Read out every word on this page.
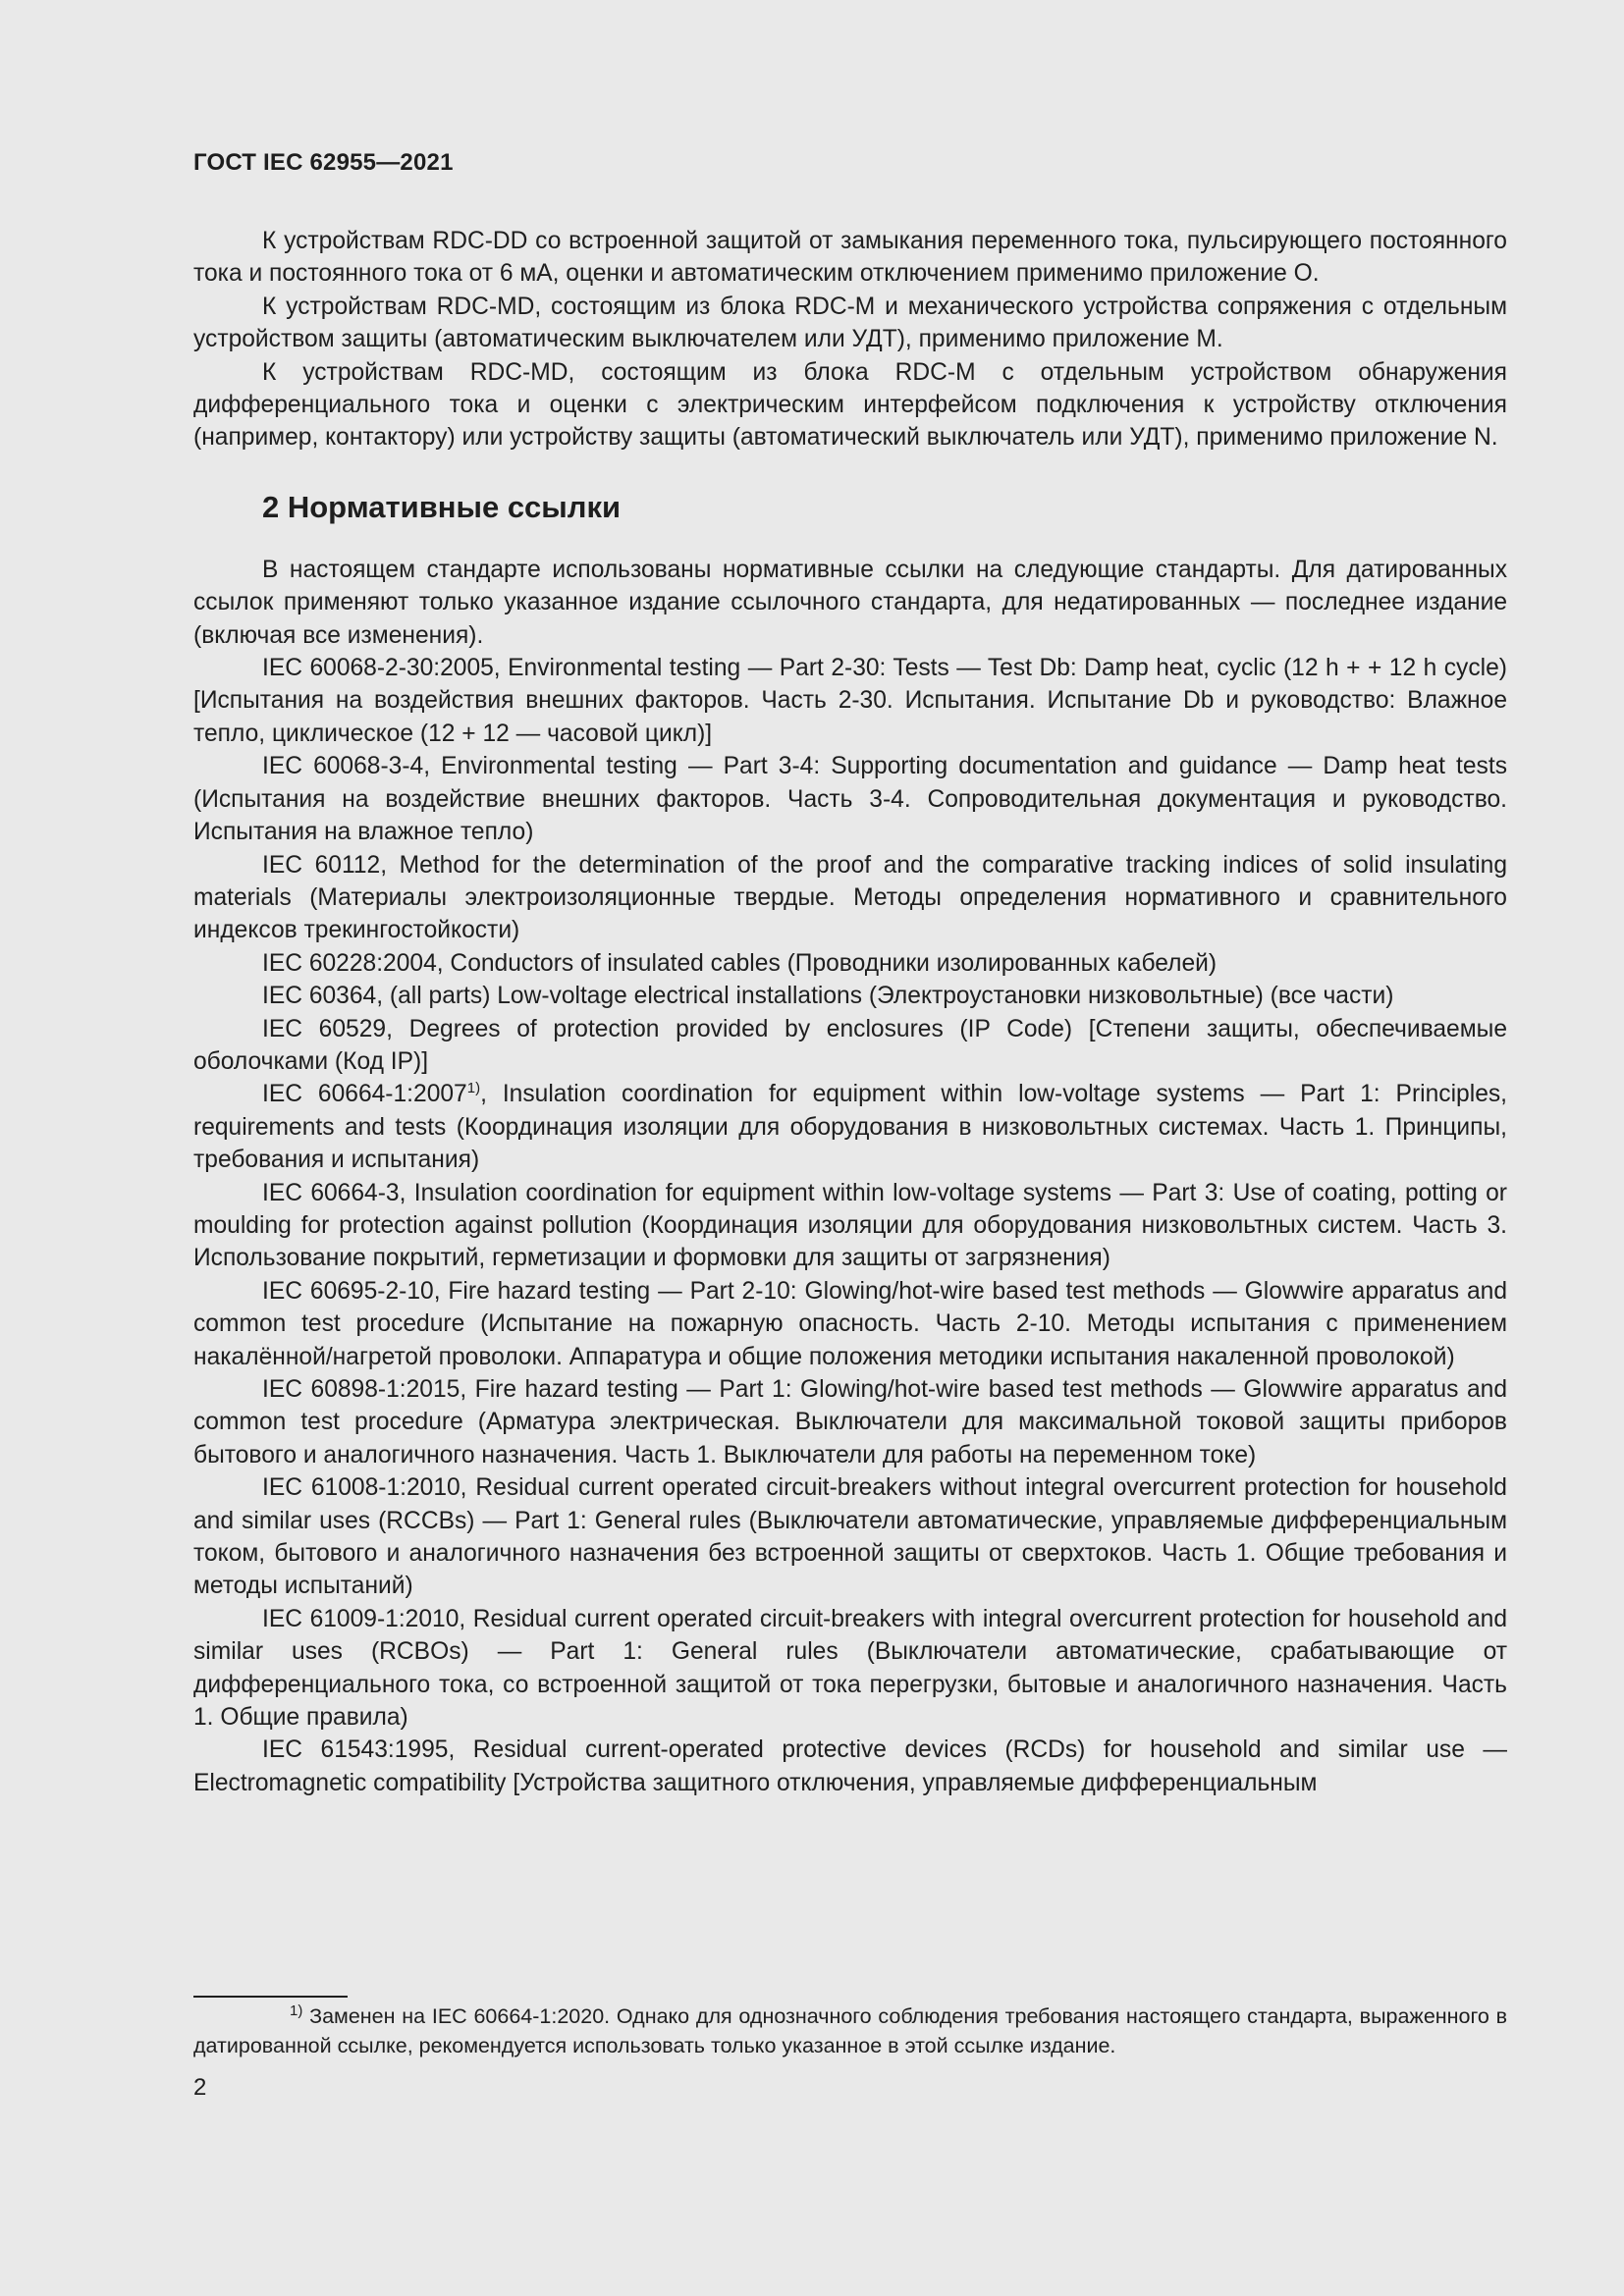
ГОСТ IEC 62955—2021

К устройствам RDC-DD со встроенной защитой от замыкания переменного тока, пульсирующего постоянного тока и постоянного тока от 6 мА, оценки и автоматическим отключением применимо приложение О.

К устройствам RDC-MD, состоящим из блока RDC-M и механического устройства сопряжения с отдельным устройством защиты (автоматическим выключателем или УДТ), применимо приложение М.

К устройствам RDC-MD, состоящим из блока RDC-M с отдельным устройством обнаружения дифференциального тока и оценки с электрическим интерфейсом подключения к устройству отключения (например, контактору) или устройству защиты (автоматический выключатель или УДТ), применимо приложение N.

2 Нормативные ссылки

В настоящем стандарте использованы нормативные ссылки на следующие стандарты. Для датированных ссылок применяют только указанное издание ссылочного стандарта, для недатированных — последнее издание (включая все изменения).

IEC 60068-2-30:2005, Environmental testing — Part 2-30: Tests — Test Db: Damp heat, cyclic (12 h + + 12 h cycle) [Испытания на воздействия внешних факторов. Часть 2-30. Испытания. Испытание Db и руководство: Влажное тепло, циклическое (12 + 12 — часовой цикл)]

IEC 60068-3-4, Environmental testing — Part 3-4: Supporting documentation and guidance — Damp heat tests (Испытания на воздействие внешних факторов. Часть 3-4. Сопроводительная документация и руководство. Испытания на влажное тепло)

IEC 60112, Method for the determination of the proof and the comparative tracking indices of solid insulating materials (Материалы электроизоляционные твердые. Методы определения нормативного и сравнительного индексов трекингостойкости)

IEC 60228:2004, Conductors of insulated cables (Проводники изолированных кабелей)

IEC 60364, (all parts) Low-voltage electrical installations (Электроустановки низковольтные) (все части)

IEC 60529, Degrees of protection provided by enclosures (IP Code) [Степени защиты, обеспечиваемые оболочками (Код IP)]

IEC 60664-1:2007$^{1)}$, Insulation coordination for equipment within low-voltage systems — Part 1: Principles, requirements and tests (Координация изоляции для оборудования в низковольтных системах. Часть 1. Принципы, требования и испытания)

IEC 60664-3, Insulation coordination for equipment within low-voltage systems — Part 3: Use of coating, potting or moulding for protection against pollution (Координация изоляции для оборудования низковольтных систем. Часть 3. Использование покрытий, герметизации и формовки для защиты от загрязнения)

IEC 60695-2-10, Fire hazard testing — Part 2-10: Glowing/hot-wire based test methods — Glowwire apparatus and common test procedure (Испытание на пожарную опасность. Часть 2-10. Методы испытания с применением накалённой/нагретой проволоки. Аппаратура и общие положения методики испытания накаленной проволокой)

IEC 60898-1:2015, Fire hazard testing — Part 1: Glowing/hot-wire based test methods — Glowwire apparatus and common test procedure (Арматура электрическая. Выключатели для максимальной токовой защиты приборов бытового и аналогичного назначения. Часть 1. Выключатели для работы на переменном токе)

IEC 61008-1:2010, Residual current operated circuit-breakers without integral overcurrent protection for household and similar uses (RCCBs) — Part 1: General rules (Выключатели автоматические, управляемые дифференциальным током, бытового и аналогичного назначения без встроенной защиты от сверхтоков. Часть 1. Общие требования и методы испытаний)

IEC 61009-1:2010, Residual current operated circuit-breakers with integral overcurrent protection for household and similar uses (RCBOs) — Part 1: General rules (Выключатели автоматические, срабатывающие от дифференциального тока, со встроенной защитой от тока перегрузки, бытовые и аналогичного назначения. Часть 1. Общие правила)

IEC 61543:1995, Residual current-operated protective devices (RCDs) for household and similar use — Electromagnetic compatibility [Устройства защитного отключения, управляемые дифференциальным

$^{1)}$ Заменен на IEC 60664-1:2020. Однако для однозначного соблюдения требования настоящего стандарта, выраженного в датированной ссылке, рекомендуется использовать только указанное в этой ссылке издание.

2
